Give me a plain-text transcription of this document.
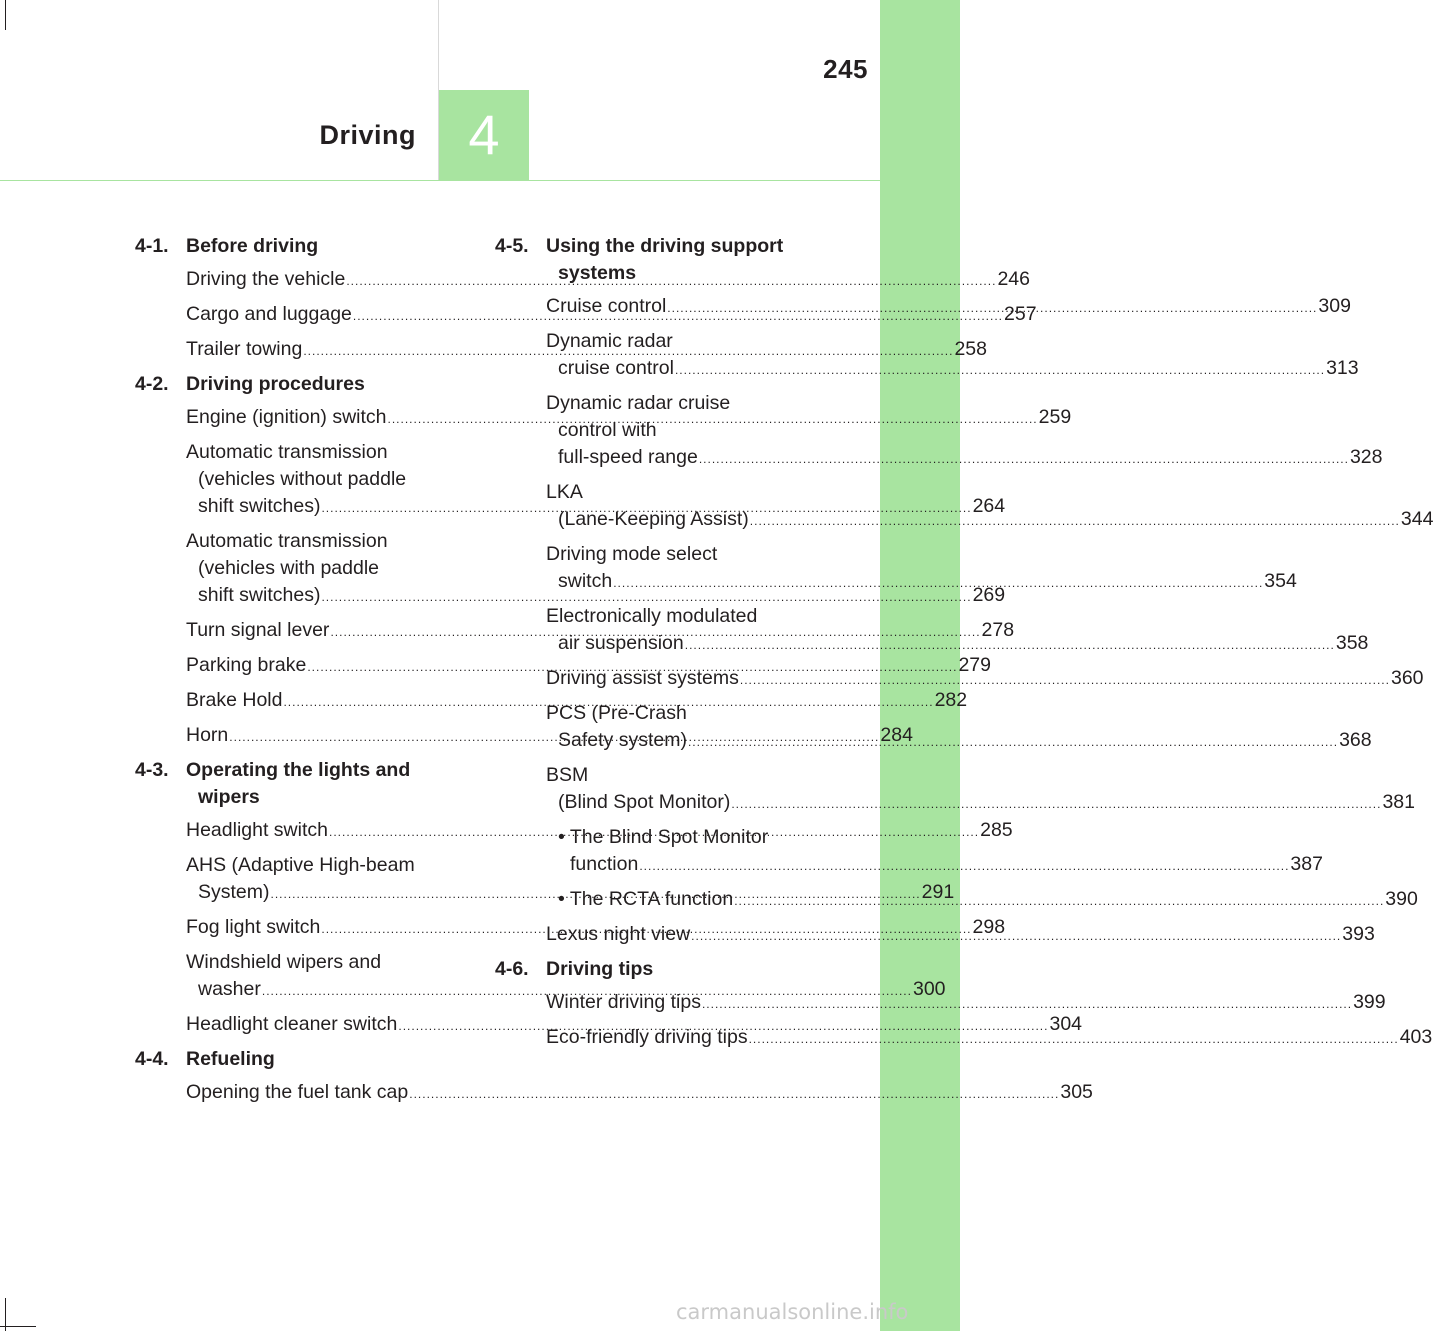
245
Driving 4
4-1. Before driving
Driving the vehicle .....	246
Cargo and luggage .....	257
Trailer towing .....	258
4-2. Driving procedures
Engine (ignition) switch .....	259
Automatic transmission
(vehicles without paddle
shift switches) .....	264
Automatic transmission
(vehicles with paddle
shift switches) .....	269
Turn signal lever .....	278
Parking brake .....	279
Brake Hold .....	282
Horn .....	284
4-3. Operating the lights and
wipers
Headlight switch .....	285
AHS (Adaptive High-beam
System) .....	291
Fog light switch .....	298
Windshield wipers and
washer .....	300
Headlight cleaner switch .....	304
4-4. Refueling
Opening the fuel tank cap .....	305
4-5. Using the driving support
systems
Cruise control .....	309
Dynamic radar
cruise control .....	313
Dynamic radar cruise
control with
full-speed range .....	328
LKA
(Lane-Keeping Assist) .....	344
Driving mode select
switch .....	354
Electronically modulated
air suspension .....	358
Driving assist systems .....	360
PCS (Pre-Crash
Safety system) .....	368
BSM
(Blind Spot Monitor) .....	381
• The Blind Spot Monitor
function .....	387
• The RCTA function .....	390
Lexus night view .....	393
4-6. Driving tips
Winter driving tips .....	399
Eco-friendly driving tips .....	403
carmanualsonline.info
